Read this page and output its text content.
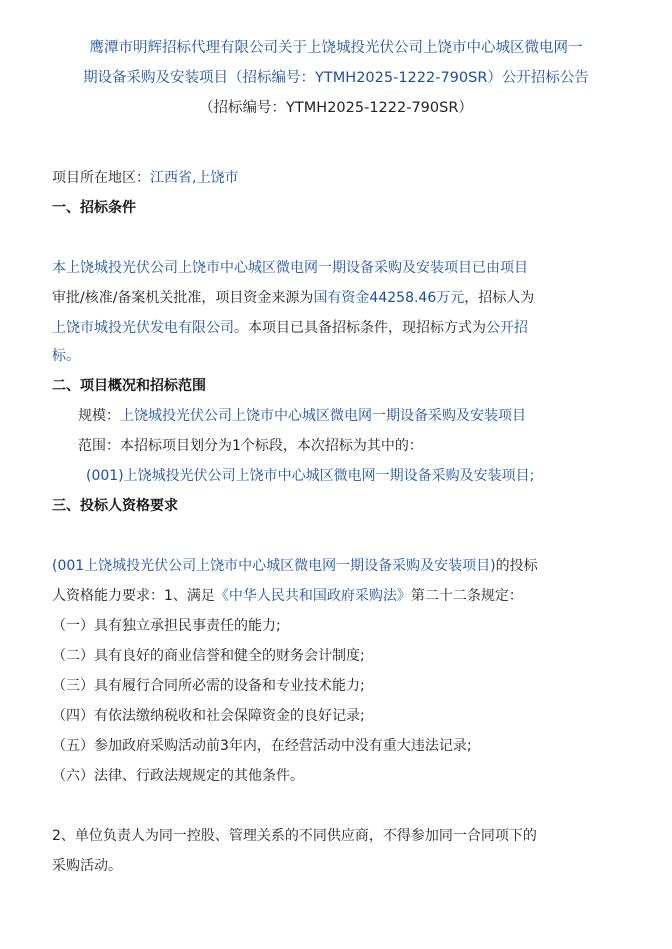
鹰潭市明辉招标代理有限公司关于上饶城投光伏公司上饶市中心城区微电网一
期设备采购及安装项目（招标编号：YTMH2025-1222-790SR）公开招标公告
（招标编号：YTMH2025-1222-790SR）
项目所在地区：江西省,上饶市
一、招标条件
本上饶城投光伏公司上饶市中心城区微电网一期设备采购及安装项目已由项目
审批/核准/备案机关批准，项目资金来源为国有资金44258.46万元，招标人为
上饶市城投光伏发电有限公司。本项目已具备招标条件，现招标方式为公开招
标。
二、项目概况和招标范围
规模：上饶城投光伏公司上饶市中心城区微电网一期设备采购及安装项目
范围：本招标项目划分为1个标段，本次招标为其中的：
(001)上饶城投光伏公司上饶市中心城区微电网一期设备采购及安装项目;
三、投标人资格要求
(001上饶城投光伏公司上饶市中心城区微电网一期设备采购及安装项目)的投标
人资格能力要求：1、满足《中华人民共和国政府采购法》第二十二条规定：
（一）具有独立承担民事责任的能力;
（二）具有良好的商业信誉和健全的财务会计制度;
（三）具有履行合同所必需的设备和专业技术能力;
（四）有依法缴纳税收和社会保障资金的良好记录;
（五）参加政府采购活动前3年内，在经营活动中没有重大违法记录;
（六）法律、行政法规规定的其他条件。
2、单位负责人为同一控股、管理关系的不同供应商，不得参加同一合同项下的
采购活动。
